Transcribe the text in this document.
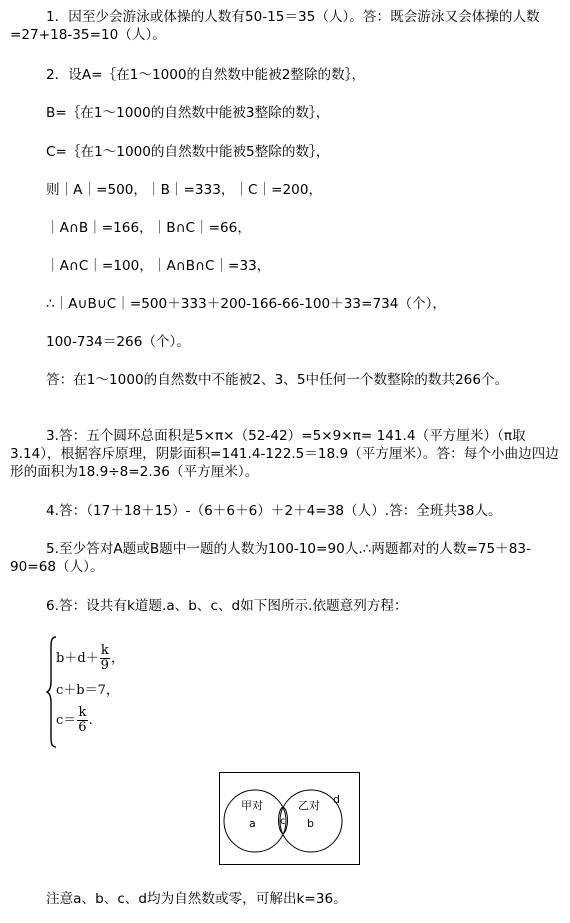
1．因至少会游泳或体操的人数有50-15＝35（人）。答：既会游泳又会体操的人数=27+18-35=10（人）。
2．设A=｛在1～1000的自然数中能被2整除的数｝，
B=｛在1～1000的自然数中能被3整除的数｝，
C=｛在1～1000的自然数中能被5整除的数｝，
则｜A｜=500，｜B｜=333，｜C｜=200，
｜A∩B｜=166，｜B∩C｜=66，
｜A∩C｜=100，｜A∩B∩C｜=33，
∴｜A∪B∪C｜=500＋333＋200-166-66-100＋33=734（个），
100-734＝266（个）。
答：在1～1000的自然数中不能被2、3、5中任何一个数整除的数共266个。
3.答：五个圆环总面积是5×π×（52-42）=5×9×π= 141.4（平方厘米）（π取3.14），根据容斥原理，阴影面积=141.4-122.5＝18.9（平方厘米）。答：每个小曲边四边形的面积为18.9÷8=2.36（平方厘米）。
4.答：（17＋18＋15）-（6＋6＋6）＋2＋4=38（人）.答：全班共38人。
5.至少答对A题或B题中一题的人数为100-10=90人.∴两题都对的人数=75＋83-90=68（人）。
6.答：设共有k道题.a、b、c、d如下图所示.依题意列方程：
$b+d+ \frac{k}{9}$ ，
c＋b＝7，
$c= \frac{k}{6}$ .
甲对
a c
乙对
b
d
注意a、b、c、d均为自然数或零，可解出k=36。
